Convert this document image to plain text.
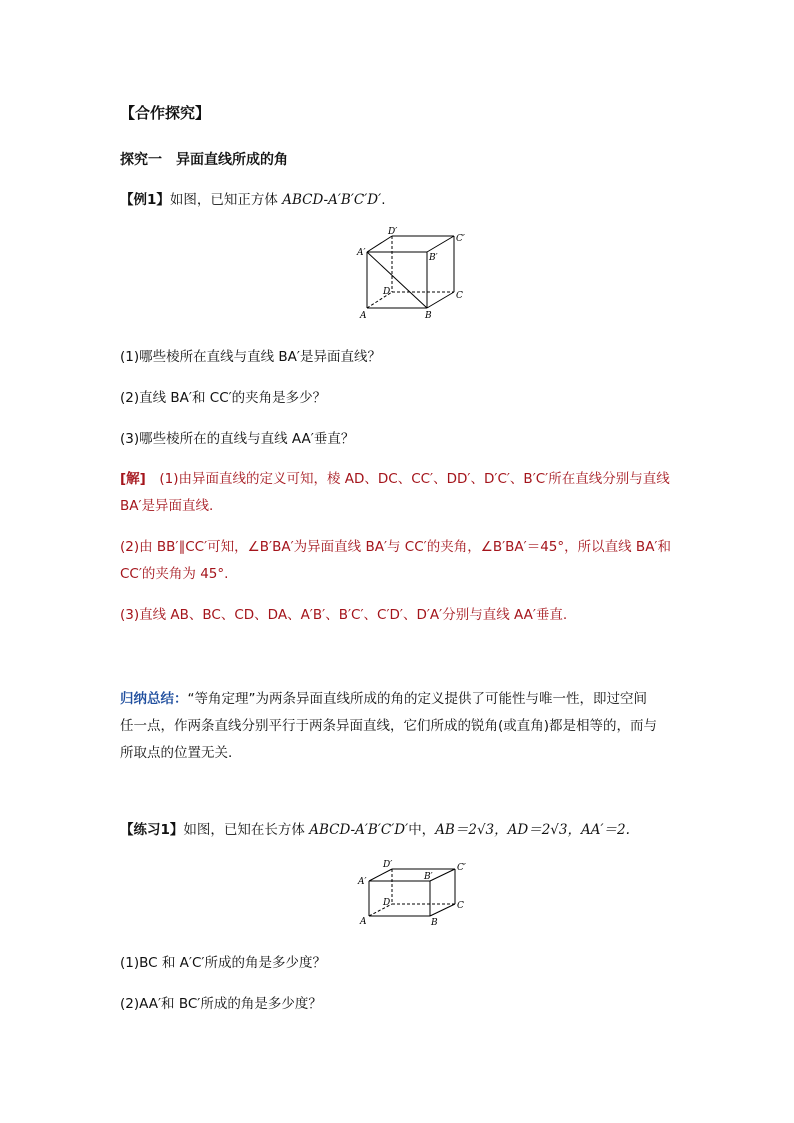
【合作探究】
探究一　异面直线所成的角
【例1】如图，已知正方体 ABCD-A′B′C′D′.
D′
C′
A′	B′
D	C
A	B
(1)哪些棱所在直线与直线 BA′是异面直线？
(2)直线 BA′和 CC′的夹角是多少？
(3)哪些棱所在的直线与直线 AA′垂直？
[解]　 (1)由异面直线的定义可知，棱 AD、DC、CC′、DD′、D′C′、B′C′所在直线分别与直线
BA′是异面直线.
(2)由 BB′∥CC′可知，∠B′BA′为异面直线 BA′与 CC′的夹角，∠B′BA′＝45°，所以直线 BA′和
CC′的夹角为 45°.
(3)直线 AB、BC、CD、DA、A′B′、B′C′、C′D′、D′A′分别与直线 AA′垂直.
归纳总结：“等角定理”为两条异面直线所成的角的定义提供了可能性与唯一性，即过空间
任一点，作两条直线分别平行于两条异面直线，它们所成的锐角(或直角)都是相等的，而与
所取点的位置无关.
【练习1】如图，已知在长方体 ABCD-A′B′C′D′中，AB＝2√3，AD＝2√3，AA′＝2.
D′	C′
A′	B′
D	C
A	B
(1)BC 和 A′C′所成的角是多少度？
(2)AA′和 BC′所成的角是多少度？
